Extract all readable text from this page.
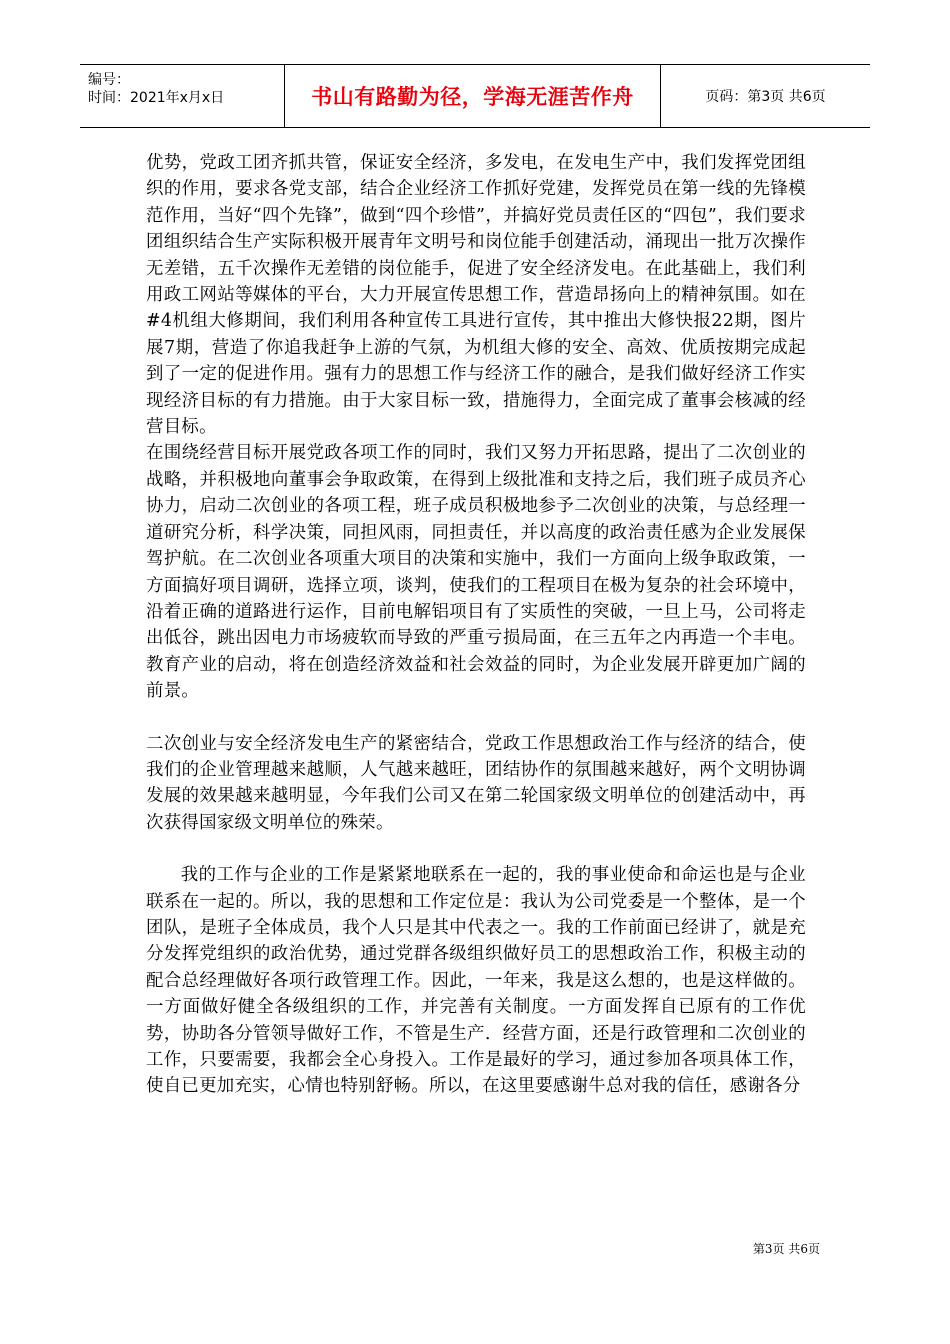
编号：
时间：2021年x月x日	书山有路勤为径，学海无涯苦作舟	页码：第3页 共6页

优势，党政工团齐抓共管，保证安全经济，多发电，在发电生产中，我们发挥党团组织的作用，要求各党支部，结合企业经济工作抓好党建，发挥党员在第一线的先锋模范作用，当好“四个先锋”，做到“四个珍惜”，并搞好党员责任区的“四包”，我们要求团组织结合生产实际积极开展青年文明号和岗位能手创建活动，涌现出一批万次操作无差错，五千次操作无差错的岗位能手，促进了安全经济发电。在此基础上，我们利用政工网站等媒体的平台，大力开展宣传思想工作，营造昂扬向上的精神氛围。如在#4机组大修期间，我们利用各种宣传工具进行宣传，其中推出大修快报22期，图片展7期，营造了你追我赶争上游的气氛，为机组大修的安全、高效、优质按期完成起到了一定的促进作用。强有力的思想工作与经济工作的融合，是我们做好经济工作实现经济目标的有力措施。由于大家目标一致，措施得力，全面完成了董事会核减的经营目标。

在围绕经营目标开展党政各项工作的同时，我们又努力开拓思路，提出了二次创业的战略，并积极地向董事会争取政策，在得到上级批准和支持之后，我们班子成员齐心协力，启动二次创业的各项工程，班子成员积极地参予二次创业的决策，与总经理一道研究分析，科学决策，同担风雨，同担责任，并以高度的政治责任感为企业发展保驾护航。在二次创业各项重大项目的决策和实施中，我们一方面向上级争取政策，一方面搞好项目调研，选择立项，谈判，使我们的工程项目在极为复杂的社会环境中，沿着正确的道路进行运作，目前电解铝项目有了实质性的突破，一旦上马，公司将走出低谷，跳出因电力市场疲软而导致的严重亏损局面，在三五年之内再造一个丰电。教育产业的启动，将在创造经济效益和社会效益的同时，为企业发展开辟更加广阔的前景。

二次创业与安全经济发电生产的紧密结合，党政工作思想政治工作与经济的结合，使我们的企业管理越来越顺，人气越来越旺，团结协作的氛围越来越好，两个文明协调发展的效果越来越明显，今年我们公司又在第二轮国家级文明单位的创建活动中，再次获得国家级文明单位的殊荣。

我的工作与企业的工作是紧紧地联系在一起的，我的事业使命和命运也是与企业联系在一起的。所以，我的思想和工作定位是：我认为公司党委是一个整体，是一个团队，是班子全体成员，我个人只是其中代表之一。我的工作前面已经讲了，就是充分发挥党组织的政治优势，通过党群各级组织做好员工的思想政治工作，积极主动的配合总经理做好各项行政管理工作。因此，一年来，我是这么想的，也是这样做的。一方面做好健全各级组织的工作，并完善有关制度。一方面发挥自已原有的工作优势，协助各分管领导做好工作，不管是生产．经营方面，还是行政管理和二次创业的工作，只要需要，我都会全心身投入。工作是最好的学习，通过参加各项具体工作，使自已更加充实，心情也特别舒畅。所以，在这里要感谢牛总对我的信任，感谢各分

第3页 共6页
